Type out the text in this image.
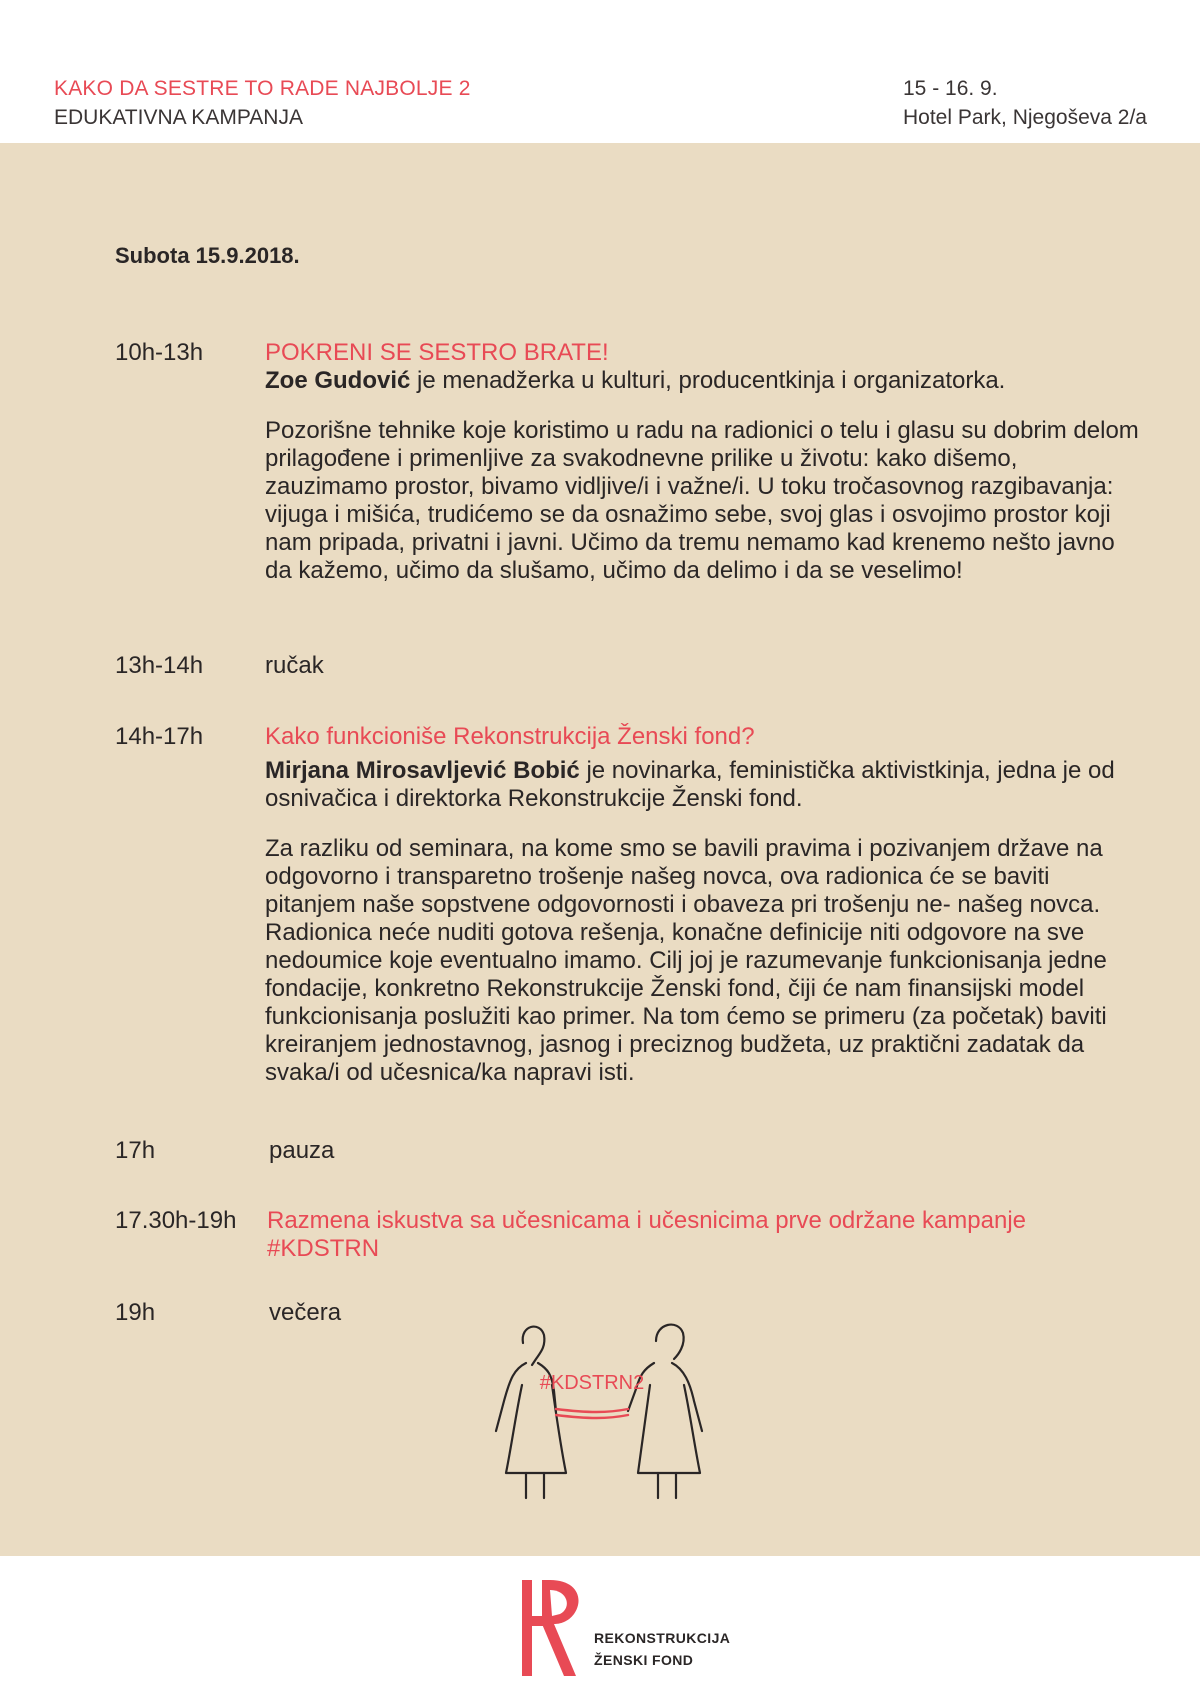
KAKO DA SESTRE TO RADE NAJBOLJE 2
EDUKATIVNA KAMPANJA
15 - 16. 9.
Hotel Park, Njegoševa 2/a
Subota 15.9.2018.
10h-13h	POKRENI SE SESTRO BRATE!

Zoe Gudović je menadžerka u kulturi, producentkinja i organizatorka.

Pozorišne tehnike koje koristimo u radu na radionici o telu i glasu su dobrim delom prilagođene i primenljive za svakodnevne prilike u životu: kako dišemo, zauzimamo prostor, bivamo vidljive/i i važne/i. U toku tročasovnog razgibavanja: vijuga i mišića, trudićemo se da osnažimo sebe, svoj glas i osvojimo prostor koji nam pripada, privatni i javni. Učimo da tremu nemamo kad krenemo nešto javno da kažemo, učimo da slušamo, učimo da delimo i da se veselimo!

13h-14h	ručak
14h-17h	Kako funkcioniše Rekonstrukcija Ženski fond?

Mirjana Mirosavljević Bobić je novinarka, feministička aktivistkinja, jedna je od osnivačica i direktorka Rekonstrukcije Ženski fond.

Za razliku od seminara, na kome smo se bavili pravima i pozivanjem države na odgovorno i transparetno trošenje našeg novca, ova radionica će se baviti pitanjem naše sopstvene odgovornosti i obaveza pri trošenju ne- našeg novca. Radionica neće nuditi gotova rešenja, konačne definicije niti odgovore na sve nedoumice koje eventualno imamo. Cilj joj je razumevanje funkcionisanja jedne fondacije, konkretno Rekonstrukcije Ženski fond, čiji će nam finansijski model funkcionisanja poslužiti kao primer. Na tom ćemo se primeru (za početak) baviti kreiranjem jednostavnog, jasnog i preciznog budžeta, uz praktični zadatak da svaka/i od učesnica/ka napravi isti.

17h	pauza
17.30h-19h Razmena iskustva sa učesnicama i učesnicima prve održane kampanje

#KDSTRN

19h	večera
#KDSTRN2
REKONSTRUKCIJA
ŽENSKI FOND
